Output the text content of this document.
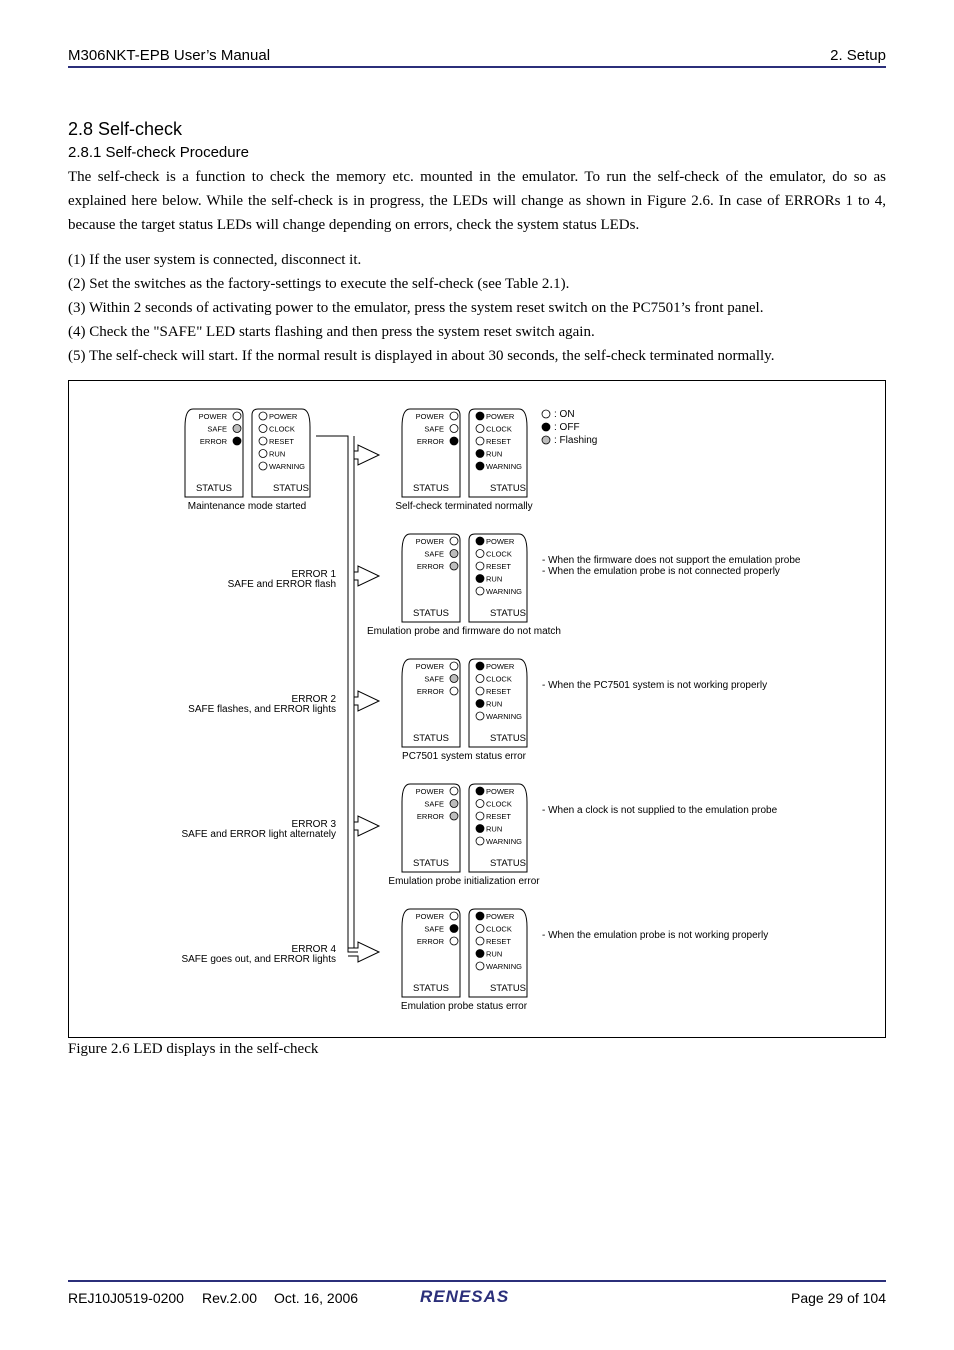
M306NKT-EPB User’s Manual	2. Setup
2.8 Self-check
2.8.1 Self-check Procedure
The self-check is a function to check the memory etc. mounted in the emulator. To run the self-check of the emulator, do so as explained here below. While the self-check is in progress, the LEDs will change as shown in Figure 2.6. In case of ERRORs 1 to 4, because the target status LEDs will change depending on errors, check the system status LEDs.
(1) If the user system is connected, disconnect it.
(2) Set the switches as the factory-settings to execute the self-check (see Table 2.1).
(3) Within 2 seconds of activating power to the emulator, press the system reset switch on the PC7501’s front panel.
(4) Check the "SAFE" LED starts flashing and then press the system reset switch again.
(5) The self-check will start. If the normal result is displayed in about 30 seconds, the self-check terminated normally.
: ON
: OFF
: Flashing
ERROR 1
SAFE and ERROR flash
ERROR 2
SAFE flashes, and ERROR lights
ERROR 3
SAFE and ERROR light alternately
ERROR 4
SAFE goes out, and ERROR lights
POWER
SAFE
ERROR
POWER
CLOCK
RESET
RUN
WARNING
STATUS	STATUS
Maintenance mode started
POWER
SAFE
ERROR
POWER
CLOCK
RESET
RUN
WARNING
STATUS	STATUS
Self-check terminated normally
POWER
SAFE
ERROR
POWER
CLOCK
RESET
RUN
WARNING
STATUS	STATUS
Emulation probe and firmware do not match
- When the firmware does not support the emulation probe
- When the emulation probe is not connected properly
POWER
SAFE
ERROR
POWER
CLOCK
RESET
RUN
WARNING
STATUS	STATUS
PC7501 system status error
- When the PC7501 system is not working properly
POWER
SAFE
ERROR
POWER
CLOCK
RESET
RUN
WARNING
STATUS	STATUS
Emulation probe initialization error
- When a clock is not supplied to the emulation probe
POWER
SAFE
ERROR
POWER
CLOCK
RESET
RUN
WARNING
STATUS	STATUS
Emulation probe status error
- When the emulation probe is not working properly
Figure 2.6 LED displays in the self-check
REJ10J0519-0200 Rev.2.00 Oct. 16, 2006	RENESAS	Page 29 of 104
